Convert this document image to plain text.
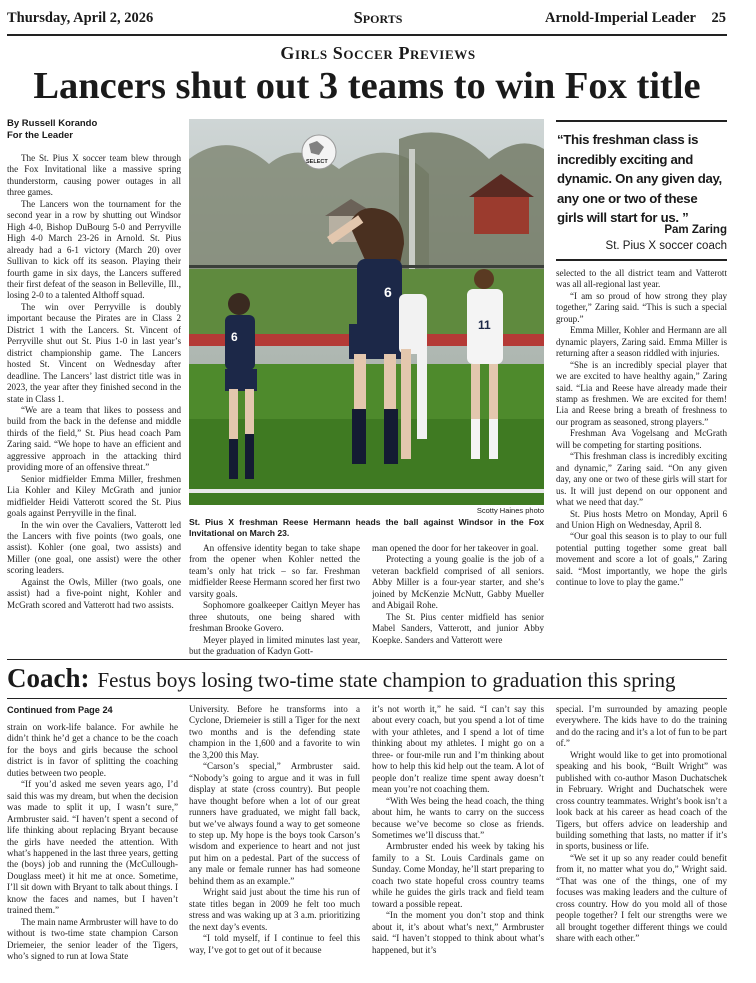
Thursday, April 2, 2026	Sports	Arnold-Imperial Leader 25
Girls Soccer Previews
Lancers shut out 3 teams to win Fox title
By Russell Korando
For the Leader

The St. Pius X soccer team blew through the Fox Invitational like a massive spring thunderstorm, causing power outages in all three games.

The Lancers won the tournament for the second year in a row by shutting out Windsor High 4-0, Bishop DuBourg 5-0 and Perryville High 4-0 March 23-26 in Arnold. St. Pius already had a 6-1 victory (March 20) over Sullivan to kick off its season. Playing their fourth game in six days, the Lancers suffered their first defeat of the season in Belleville, Ill., losing 2-0 to a talented Althoff squad.

The win over Perryville is doubly important because the Pirates are in Class 2 District 1 with the Lancers. St. Vincent of Perryville shut out St. Pius 1-0 in last year’s district championship game. The Lancers hosted St. Vincent on Wednesday after deadline. The Lancers’ last district title was in 2023, the year after they finished second in the state in Class 1.

“We are a team that likes to possess and build from the back in the defense and middle thirds of the field,” St. Pius head coach Pam Zaring said. “We hope to have an efficient and aggressive approach in the attacking third providing more of an offensive threat.”

Senior midfielder Emma Miller, freshmen Lia Kohler and Kiley McGrath and junior midfielder Heidi Vatterott scored the St. Pius goals against Perryville in the final.

In the win over the Cavaliers, Vatterott led the Lancers with five points (two goals, one assist). Kohler (one goal, two assists) and Miller (one goal, one assist) were the other scoring leaders.

Against the Owls, Miller (two goals, one assist) had a five-point night, Kohler and McGrath scored and Vatterott had two assists.

6
6
11
SELECT
Scotty Haines photo
St. Pius X freshman Reese Hermann heads the ball against Windsor in the Fox Invitational on March 23.

An offensive identity began to take shape from the opener when Kohler netted the team’s only hat trick – so far. Freshman midfielder Reese Hermann scored her first two varsity goals.

Sophomore goalkeeper Caitlyn Meyer has three shutouts, one being shared with freshman Brooke Govero.

Meyer played in limited minutes last year, but the graduation of Kadyn Gott-

man opened the door for her takeover in goal.

Protecting a young goalie is the job of a veteran backfield comprised of all seniors. Abby Miller is a four-year starter, and she’s joined by McKenzie McNutt, Gabby Mueller and Abigail Rohe.

The St. Pius center midfield has senior Mabel Sanders, Vatterott, and junior Abby Koepke. Sanders and Vatterott were

“This freshman class is incredibly exciting and dynamic. On any given day, any one or two of these girls will start for us. ”
Pam Zaring
St. Pius X soccer coach

selected to the all district team and Vatterott was all all-regional last year.

“I am so proud of how strong they play together,” Zaring said. “This is such a special group.”

Emma Miller, Kohler and Hermann are all dynamic players, Zaring said. Emma Miller is returning after a season riddled with injuries.

“She is an incredibly special player that we are excited to have healthy again,” Zaring said. “Lia and Reese have already made their stamp as freshmen. We are excited for them! Lia and Reese bring a breath of freshness to our program as seasoned, strong players.”

Freshman Ava Vogelsang and McGrath will be competing for starting positions.

“This freshman class is incredibly exciting and dynamic,” Zaring said. “On any given day, any one or two of these girls will start for us. It will just depend on our opponent and what we need that day.”

St. Pius hosts Metro on Monday, April 6 and Union High on Wednesday, April 8.

“Our goal this season is to play to our full potential putting together some great ball movement and score a lot of goals,” Zaring said. “Most importantly, we hope the girls continue to love to play the game.”

Coach: Festus boys losing two-time state champion to graduation this spring
Continued from Page 24

strain on work-life balance. For awhile he didn’t think he’d get a chance to be the coach for the boys and girls because the school district is in favor of splitting the coaching duties between two people.

“If you’d asked me seven years ago, I’d said this was my dream, but when the decision was made to split it up, I wasn’t sure,” Armbruster said. “I haven’t spent a second of life thinking about replacing Bryant because the girls have needed the attention. With what’s happened in the last three years, getting the (boys) job and running the (McCullough-Douglass meet) it hit me at once. Sometime, I’ll sit down with Bryant to talk about things. I know the faces and names, but I haven’t trained them.”

The main name Armbruster will have to do without is two-time state champion Carson Driemeier, the senior leader of the Tigers, who’s signed to run at Iowa State

University. Before he transforms into a Cyclone, Driemeier is still a Tiger for the next two months and is the defending state champion in the 1,600 and a favorite to win the 3,200 this May.

“Carson’s special,” Armbruster said. “Nobody’s going to argue and it was in full display at state (cross country). But people have thought before when a lot of our great runners have graduated, we might fall back, but we’ve always found a way to get someone to step up. My hope is the boys took Carson’s wisdom and experience to heart and not just put him on a pedestal. Part of the success of any male or female runner has had someone behind them as an example.”

Wright said just about the time his run of state titles began in 2009 he felt too much stress and was waking up at 3 a.m. prioritizing the next day’s events.

“I told myself, if I continue to feel this way, I’ve got to get out of it because

it’s not worth it,” he said. “I can’t say this about every coach, but you spend a lot of time with your athletes, and I spend a lot of time thinking about my athletes. I might go on a three- or four-mile run and I’m thinking about how to help this kid help out the team. A lot of people don’t realize time spent away doesn’t mean you’re not coaching them.

“With Wes being the head coach, the thing about him, he wants to carry on the success because we’ve become so close as friends. Sometimes we’ll discuss that.”

Armbruster ended his week by taking his family to a St. Louis Cardinals game on Sunday. Come Monday, he’ll start preparing to coach two state hopeful cross country teams while he guides the girls track and field team toward a possible repeat.

“In the moment you don’t stop and think about it, it’s about what’s next,” Armbruster said. “I haven’t stopped to think about what’s happened, but it’s

special. I’m surrounded by amazing people everywhere. The kids have to do the training and do the racing and it’s a lot of fun to be part of.”

Wright would like to get into promotional speaking and his book, “Built Wright” was published with co-author Mason Duchatschek in February. Wright and Duchatschek were cross country teammates. Wright’s book isn’t a look back at his career as head coach of the Tigers, but offers advice on leadership and building something that lasts, no matter if it’s in sports, business or life.

“We set it up so any reader could benefit from it, no matter what you do,” Wright said. “That was one of the things, one of my focuses was making leaders and the culture of cross country. How do you mold all of those people together? I felt our strengths were we all brought together different things we could share with each other.”
